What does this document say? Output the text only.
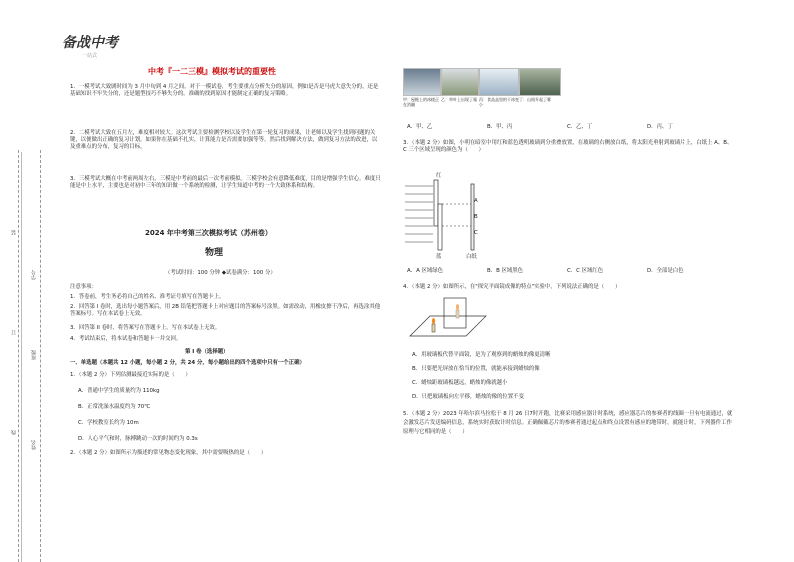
装
订
线
学号
班级
姓名
备战中考
一站式
中考『一二三模』模拟考试的重要性
1．一模考试大致剧时间为 3 月中旬到 4 月之间。对于一模试卷，考生要重点分析失分的原因。例如是否是马虎大意失分的，还是基础知识不牢失分的，还是题型技巧不够失分的。准确的找到原因才能制定正确的复习策略。
2．二模考试大致在五月左，难度相对较大。这次考试主要检测学校以及学生在第一轮复习的成果，让老师以及学生找到问题的关键，以便做出正确的复习计划。如果你在基础不扎实，计算能力是否需要加强等等。然后找到解决方法，做到复习方法的改进，以及重难点的分布，复习的目标。
3．三模考试大概在中考前两周左右，三模是中考前的最后一次考前模拟。三模学校会有意降低难度，目的是增强学生信心。难度只能是中上水平，主要也是对初中三年的知识做一个系统的检测，让学生知道中考的一个大致体系和结构。
2024 年中考第三次模拟考试（苏州卷）
物理
（考试时间：100 分钟 ◆试卷满分：100 分）
注意事项：
1．答卷前，考生务必将自己的姓名、准考证号填写在答题卡上。
2．回答第 I 卷时，选出每小题答案后，用 2B 铅笔把答题卡上对应题目的答案标号涂黑。如需改动，用橡皮擦干净后，再选涂其他答案标号。写在本试卷上无效。
3．回答第 II 卷时，将答案写在答题卡上。写在本试卷上无效。
4．考试结束后，将本试卷和答题卡一并交回。
第 I 卷（选择题）
一、单选题（本题共 12 小题，每小题 2 分，共 24 分，每小题给出的四个选项中只有一个正确）
1．（本题 2 分）下列估测最接近实际的是（　　）
A．普通中学生的质量约为 110kg
B．正常洗澡水温度约为 70℃
C．学校教室长约为 10m
D．人心平气和时，脉搏跳动一次的时间约为 0.3s
2．（本题 2 分）如图所示为描述的常见物态变化现象，其中需要吸热的是（　　）
甲：屋檐上的冰棱正在消融
乙：草叶上出现了霜 丙：食品盒里的干冰变小
丁：山间升起了雾
A．甲、乙	B．甲、丙	C．乙、丁	D．丙、丁
3．（本题 2 分）如图，小明在暗室中用红和蓝色透明玻璃到分重叠放置，在玻璃的右侧放白纸，将太阳光垂射到玻璃片上，白纸上 A、B、C 三个区域呈现的颜色为（　　）
红
A
B
C
蓝	白纸
A．A 区域绿色	B．B 区域黑色	C．C 区域红色	D．全部是白色
4．（本题 2 分）如图所示，在"探究平面镜成像的特点"实验中，下列说法正确的是（　　）
A．用玻璃板代替平面镜，是为了观察到的蜡烛的像更清晰
B．只要把光屏放在恰当的位置，就能承接到蜡烛的像
C．蜡烛距玻璃板越远，蜡烛的像就越小
D．只把玻璃板向左平移，蜡烛的像的位置不变
5．（本题 2 分）2023 年哈尔滨马拉松于 8 月 26 日7时开跑，比赛采用感应器计时系统，感应器芯片的参赛者的线圈一旦有电流通过，就会激发芯片发送编码信息，系统实时获取计时信息。正确佩戴芯片的参赛者通过起点和终点设置有感应的地带时，就能计时，下列器件工作原理与它相同的是（　　）
